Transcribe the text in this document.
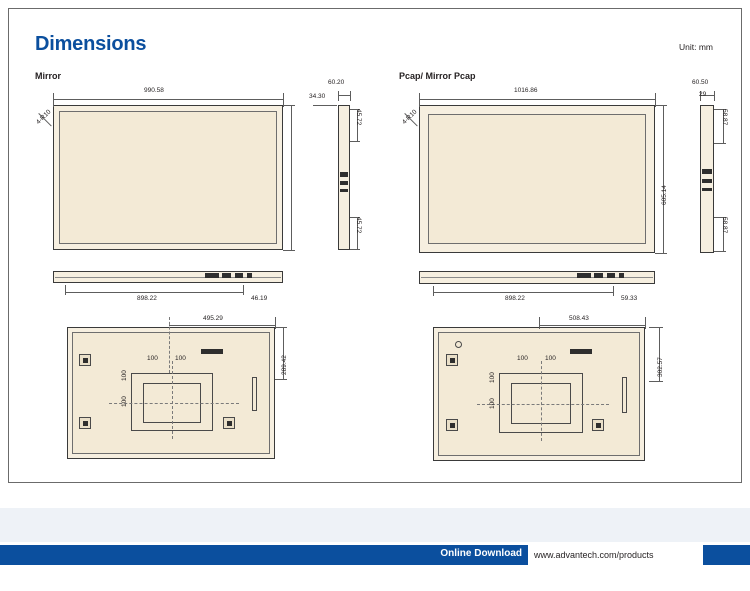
Dimensions	Unit: mm
Mirror	Pcap/ Mirror Pcap
990.58
4-R10
60.20
34.30
45.72
45.72
898.22	46.19
100	100
100
100
495.29
289.42
1016.86
605.14
4-R10
60.50
29
58.87
58.87
898.22	59.33
100	100
100
100
508.43
302.57
Online Download	www.advantech.com/products
